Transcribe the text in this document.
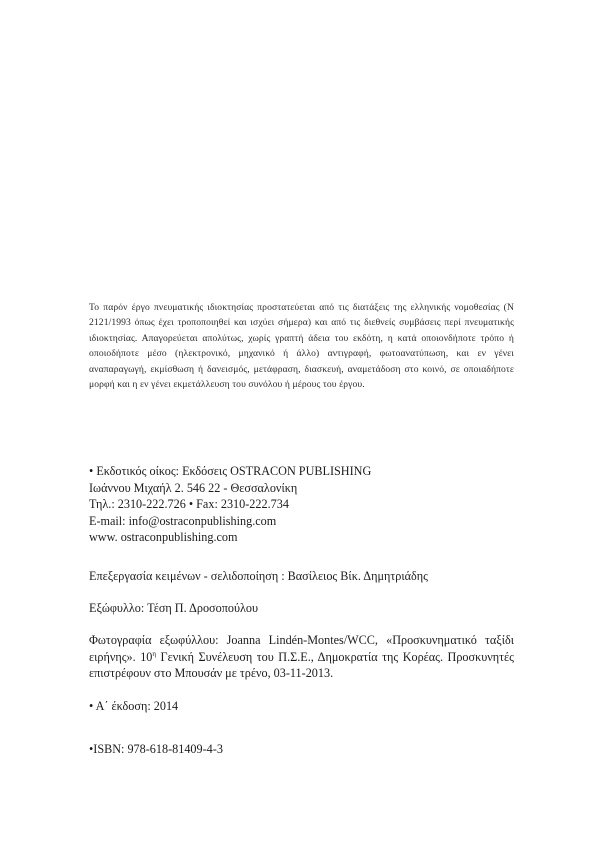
Το παρόν έργο πνευματικής ιδιοκτησίας προστατεύεται από τις διατάξεις της ελληνικής νομοθεσίας (Ν 2121/1993 όπως έχει τροποποιηθεί και ισχύει σήμερα) και από τις διεθνείς συμβάσεις περί πνευματικής ιδιοκτησίας. Απαγορεύεται απολύτως, χωρίς γραπτή άδεια του εκδότη, η κατά οποιονδήποτε τρόπο ή οποιοδήποτε μέσο (ηλεκτρονικό, μηχανικό ή άλλο) αντιγραφή, φωτοανατύπωση, και εν γένει αναπαραγωγή, εκμίσθωση ή δανεισμός, μετάφραση, διασκευή, αναμετάδοση στο κοινό, σε οποιαδήποτε μορφή και η εν γένει εκμετάλλευση του συνόλου ή μέρους του έργου.

• Εκδοτικός οίκος: Εκδόσεις OSTRACON PUBLISHING
Ιωάννου Μιχαήλ 2. 546 22 - Θεσσαλονίκη
Τηλ.: 2310-222.726 • Fax: 2310-222.734
E-mail: info@ostraconpublishing.com
www. ostraconpublishing.com
Επεξεργασία κειμένων - σελιδοποίηση : Βασίλειος Βίκ. Δημητριάδης
Εξώφυλλο: Τέση Π. Δροσοπούλου

Φωτογραφία εξωφύλλου: Joanna Lindén-Montes/WCC, «Προσκυνηματικό ταξίδι ειρήνης». $10^\eta$ Γενική Συνέλευση του Π.Σ.Ε., Δημοκρατία της Κορέας. Προσκυνητές επιστρέφουν στο Μπουσάν με τρένο, 03-11-2013.

• Α΄ έκδοση: 2014
•ISBN: 978-618-81409-4-3
